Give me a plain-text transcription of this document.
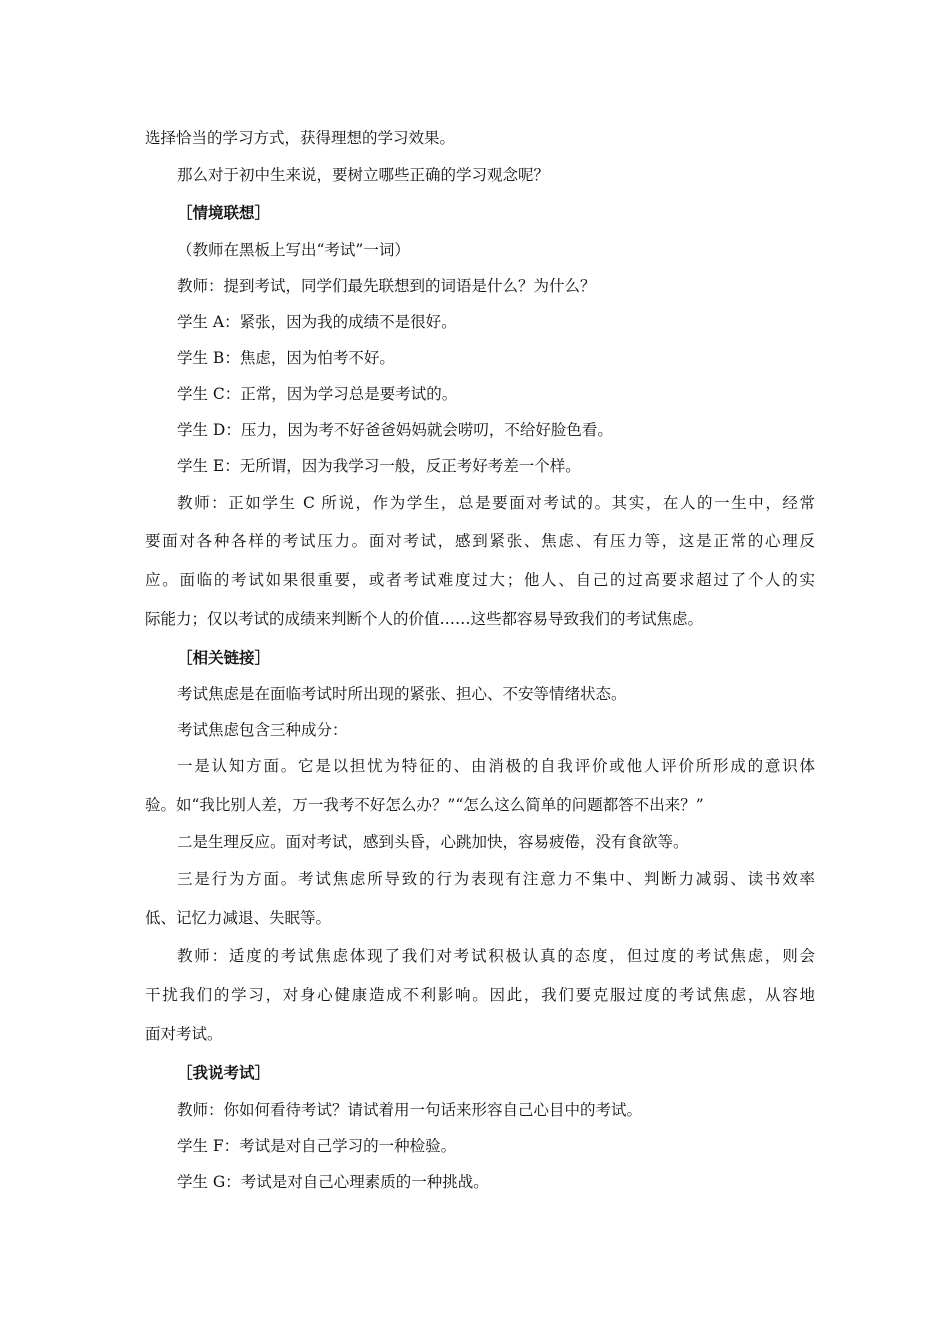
选择恰当的学习方式，获得理想的学习效果。
那么对于初中生来说，要树立哪些正确的学习观念呢？
［情境联想］
（教师在黑板上写出“考试”一词）
教师：提到考试，同学们最先联想到的词语是什么？为什么？
学生 A：紧张，因为我的成绩不是很好。
学生 B：焦虑，因为怕考不好。
学生 C：正常，因为学习总是要考试的。
学生 D：压力，因为考不好爸爸妈妈就会唠叨，不给好脸色看。
学生 E：无所谓，因为我学习一般，反正考好考差一个样。
教师：正如学生 C 所说，作为学生，总是要面对考试的。其实，在人的一生中，经常
要面对各种各样的考试压力。面对考试，感到紧张、焦虑、有压力等，这是正常的心理反
应。面临的考试如果很重要，或者考试难度过大；他人、自己的过高要求超过了个人的实
际能力；仅以考试的成绩来判断个人的价值……这些都容易导致我们的考试焦虑。
［相关链接］
考试焦虑是在面临考试时所出现的紧张、担心、不安等情绪状态。
考试焦虑包含三种成分：
一是认知方面。它是以担忧为特征的、由消极的自我评价或他人评价所形成的意识体
验。如“我比别人差，万一我考不好怎么办？”“怎么这么简单的问题都答不出来？”
二是生理反应。面对考试，感到头昏，心跳加快，容易疲倦，没有食欲等。
三是行为方面。考试焦虑所导致的行为表现有注意力不集中、判断力减弱、读书效率
低、记忆力减退、失眠等。
教师：适度的考试焦虑体现了我们对考试积极认真的态度，但过度的考试焦虑，则会
干扰我们的学习，对身心健康造成不利影响。因此，我们要克服过度的考试焦虑，从容地
面对考试。
［我说考试］
教师：你如何看待考试？请试着用一句话来形容自己心目中的考试。
学生 F：考试是对自己学习的一种检验。
学生 G：考试是对自己心理素质的一种挑战。
